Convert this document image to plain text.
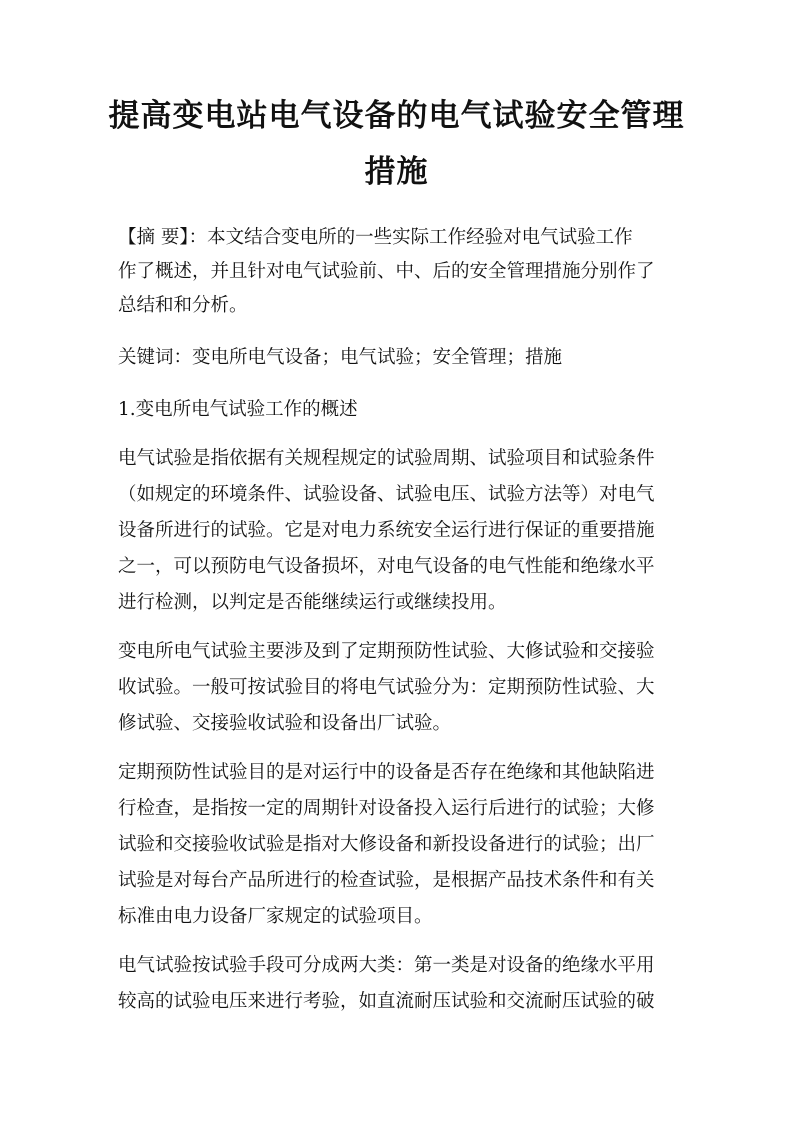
提高变电站电气设备的电气试验安全管理
措施

【摘 要】：本文结合变电所的一些实际工作经验对电气试验工作

作了概述，并且针对电气试验前、中、后的安全管理措施分别作了

总结和和分析。

关键词：变电所电气设备；电气试验；安全管理；措施

1.变电所电气试验工作的概述

电气试验是指依据有关规程规定的试验周期、试验项目和试验条件

（如规定的环境条件、试验设备、试验电压、试验方法等）对电气

设备所进行的试验。它是对电力系统安全运行进行保证的重要措施

之一，可以预防电气设备损坏，对电气设备的电气性能和绝缘水平

进行检测，以判定是否能继续运行或继续投用。

变电所电气试验主要涉及到了定期预防性试验、大修试验和交接验

收试验。一般可按试验目的将电气试验分为：定期预防性试验、大

修试验、交接验收试验和设备出厂试验。

定期预防性试验目的是对运行中的设备是否存在绝缘和其他缺陷进

行检查，是指按一定的周期针对设备投入运行后进行的试验；大修

试验和交接验收试验是指对大修设备和新投设备进行的试验；出厂

试验是对每台产品所进行的检查试验，是根据产品技术条件和有关

标准由电力设备厂家规定的试验项目。

电气试验按试验手段可分成两大类：第一类是对设备的绝缘水平用

较高的试验电压来进行考验，如直流耐压试验和交流耐压试验的破
